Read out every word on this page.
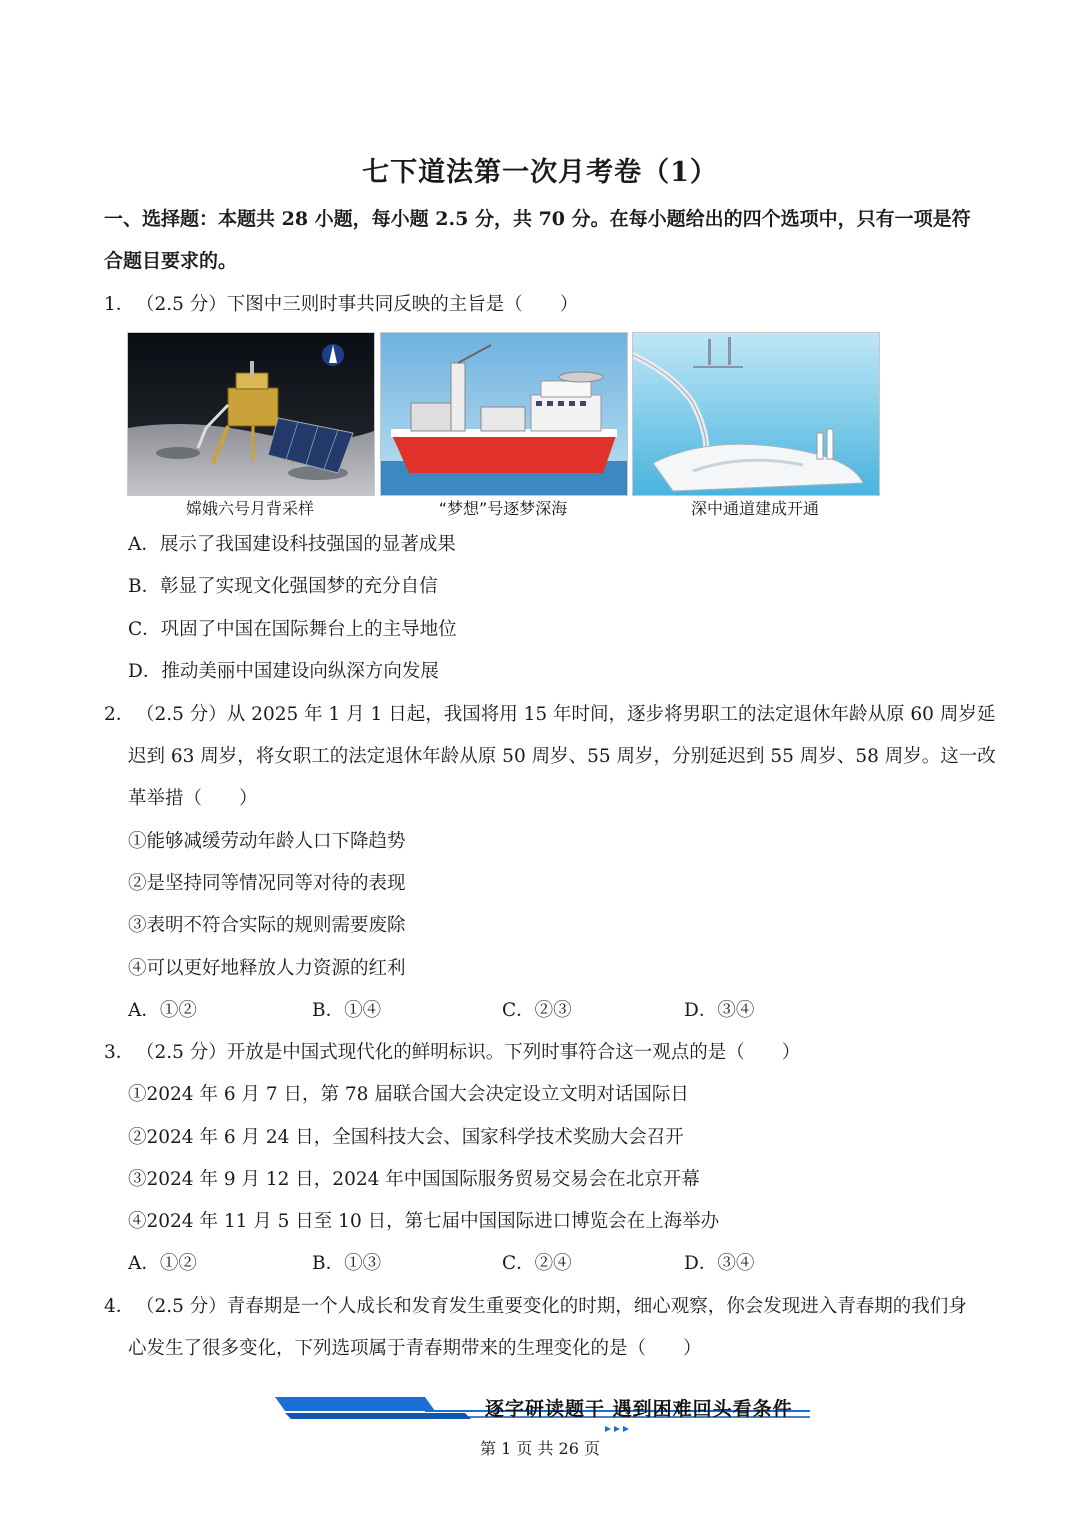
七下道法第一次月考卷（1）
一、选择题：本题共 28 小题，每小题 2.5 分，共 70 分。在每小题给出的四个选项中，只有一项是符合题目要求的。
1． （2.5 分）下图中三则时事共同反映的主旨是（　　）
嫦娥六号月背采样	“梦想”号逐梦深海	深中通道建成开通
A．展示了我国建设科技强国的显著成果
B．彰显了实现文化强国梦的充分自信
C．巩固了中国在国际舞台上的主导地位
D．推动美丽中国建设向纵深方向发展
2． （2.5 分）从 2025 年 1 月 1 日起，我国将用 15 年时间，逐步将男职工的法定退休年龄从原 60 周岁延
迟到 63 周岁，将女职工的法定退休年龄从原 50 周岁、55 周岁，分别延迟到 55 周岁、58 周岁。这一改
革举措（　　）
①能够减缓劳动年龄人口下降趋势
②是坚持同等情况同等对待的表现
③表明不符合实际的规则需要废除
④可以更好地释放人力资源的红利
A．①②	B．①④	C．②③	D．③④
3． （2.5 分）开放是中国式现代化的鲜明标识。下列时事符合这一观点的是（　　）
①2024 年 6 月 7 日，第 78 届联合国大会决定设立文明对话国际日
②2024 年 6 月 24 日，全国科技大会、国家科学技术奖励大会召开
③2024 年 9 月 12 日，2024 年中国国际服务贸易交易会在北京开幕
④2024 年 11 月 5 日至 10 日，第七届中国国际进口博览会在上海举办
A．①②	B．①③	C．②④	D．③④
4． （2.5 分）青春期是一个人成长和发育发生重要变化的时期，细心观察，你会发现进入青春期的我们身
心发生了很多变化，下列选项属于青春期带来的生理变化的是（　　）
逐字研读题干 遇到困难回头看条件
第 1 页 共 26 页
